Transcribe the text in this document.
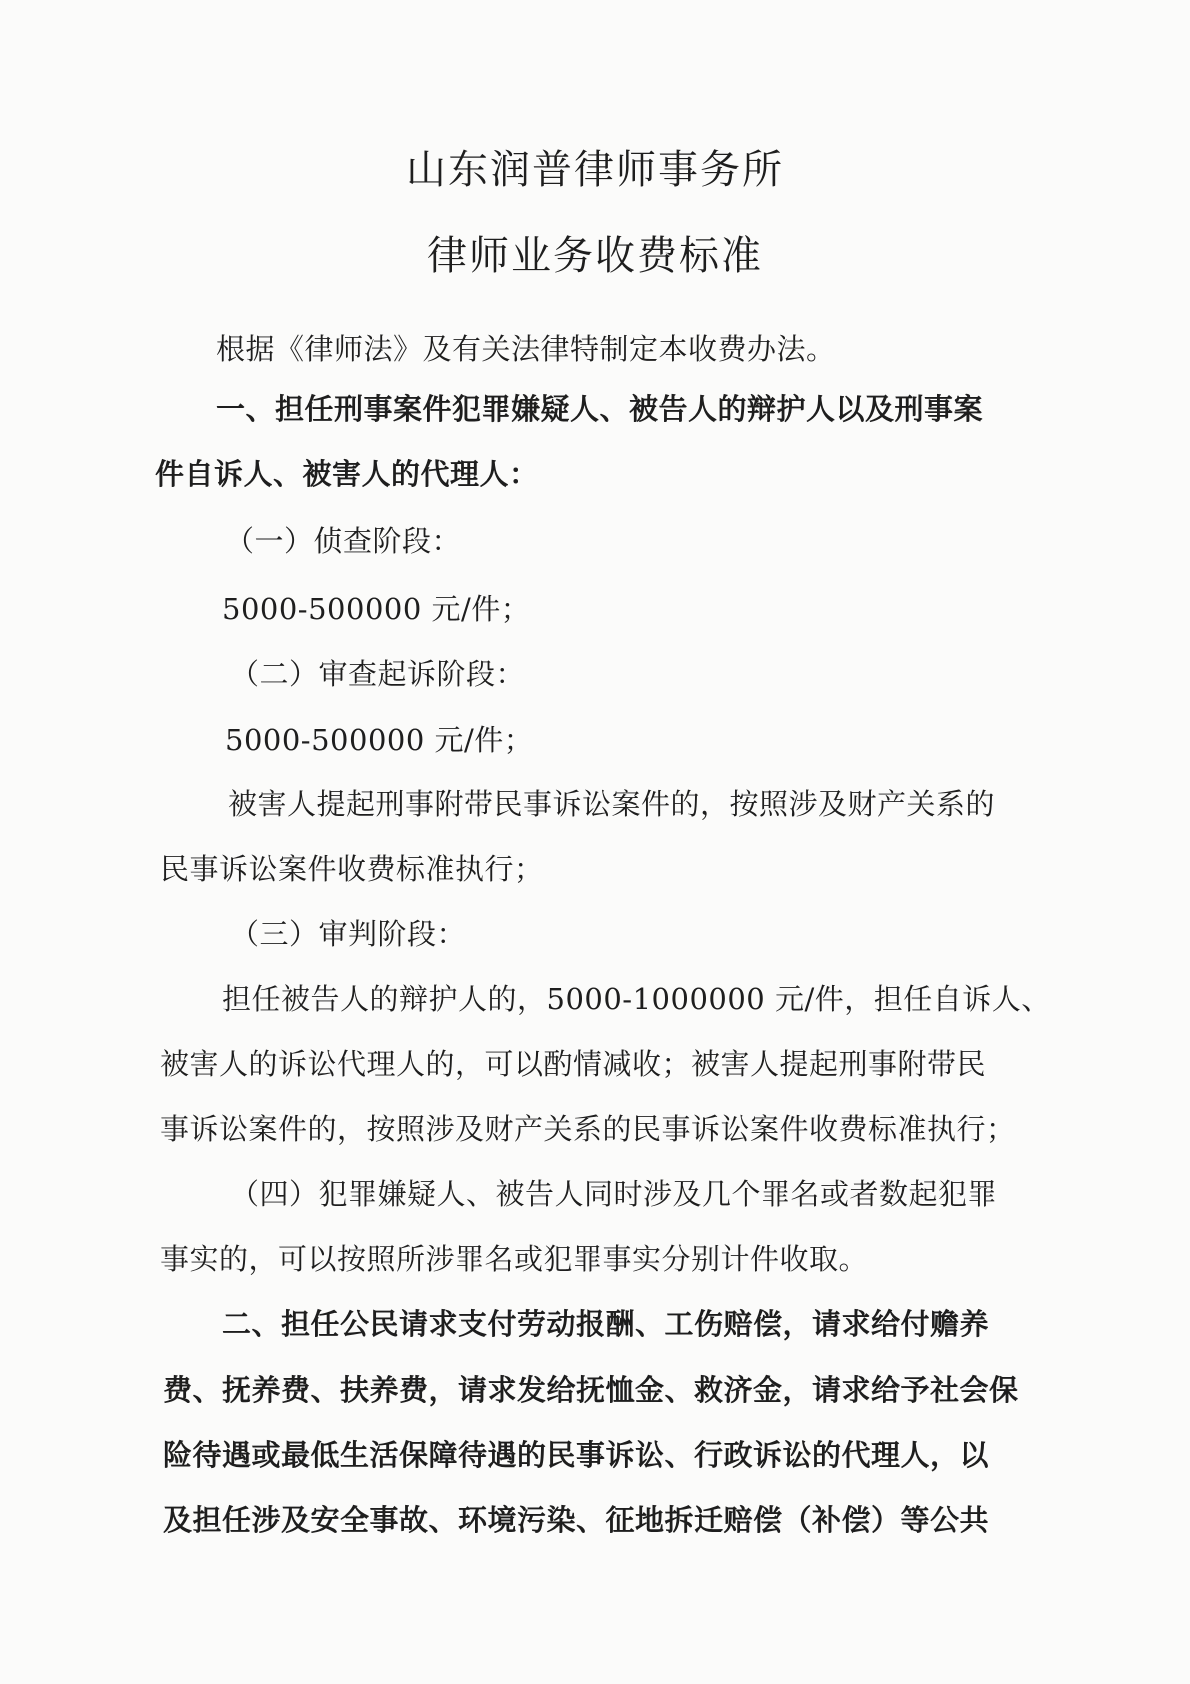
山东润普律师事务所
律师业务收费标准
根据《律师法》及有关法律特制定本收费办法。
一、担任刑事案件犯罪嫌疑人、被告人的辩护人以及刑事案
件自诉人、被害人的代理人：
（一）侦查阶段：
5000-500000 元/件；
（二）审查起诉阶段：
5000-500000 元/件；
被害人提起刑事附带民事诉讼案件的，按照涉及财产关系的
民事诉讼案件收费标准执行；
（三）审判阶段：
担任被告人的辩护人的，5000-1000000 元/件，担任自诉人、
被害人的诉讼代理人的，可以酌情减收；被害人提起刑事附带民
事诉讼案件的，按照涉及财产关系的民事诉讼案件收费标准执行；
（四）犯罪嫌疑人、被告人同时涉及几个罪名或者数起犯罪
事实的，可以按照所涉罪名或犯罪事实分别计件收取。
二、担任公民请求支付劳动报酬、工伤赔偿，请求给付赡养
费、抚养费、扶养费，请求发给抚恤金、救济金，请求给予社会保
险待遇或最低生活保障待遇的民事诉讼、行政诉讼的代理人，以
及担任涉及安全事故、环境污染、征地拆迁赔偿（补偿）等公共
